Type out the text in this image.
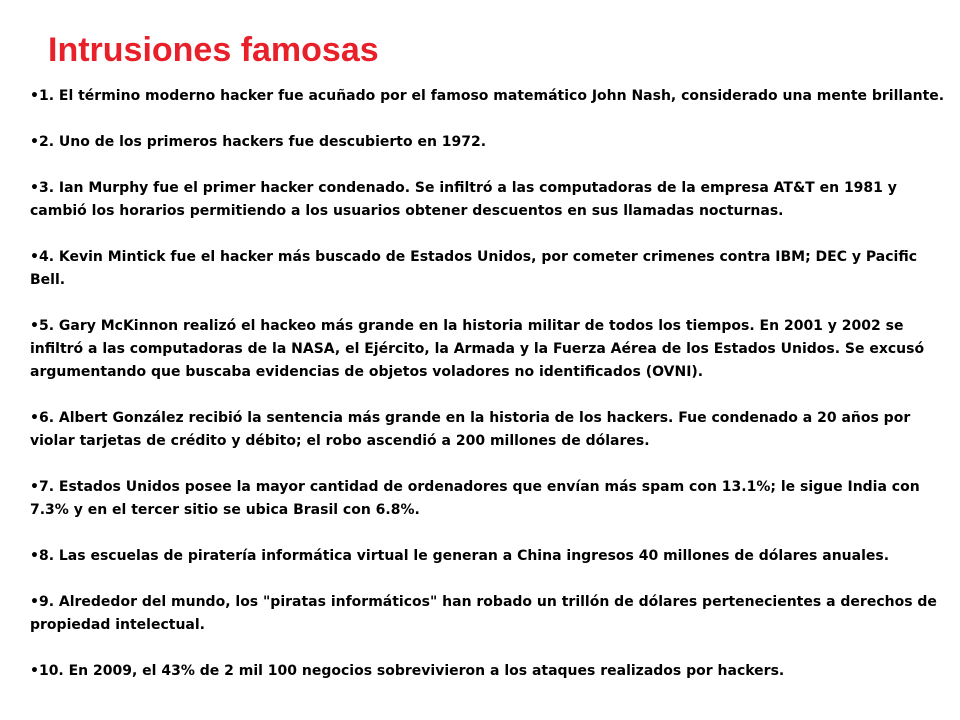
Intrusiones famosas
•1. El término moderno hacker fue acuñado por el famoso matemático John Nash, considerado una mente brillante.
•2. Uno de los primeros hackers fue descubierto en 1972.
•3. Ian Murphy fue el primer hacker condenado. Se infiltró a las computadoras de la empresa AT&T en 1981 y cambió los horarios permitiendo a los usuarios obtener descuentos en sus llamadas nocturnas.
•4. Kevin Mintick fue el hacker más buscado de Estados Unidos, por cometer crimenes contra IBM; DEC y Pacific Bell.
•5. Gary McKinnon realizó el hackeo más grande en la historia militar de todos los tiempos. En 2001 y 2002 se infiltró a las computadoras de la NASA, el Ejército, la Armada y la Fuerza Aérea de los Estados Unidos. Se excusó argumentando que buscaba evidencias de objetos voladores no identificados (OVNI).
•6. Albert González recibió la sentencia más grande en la historia de los hackers. Fue condenado a 20 años por violar tarjetas de crédito y débito; el robo ascendió a 200 millones de dólares.
•7. Estados Unidos posee la mayor cantidad de ordenadores que envían más spam con 13.1%; le sigue India con 7.3% y en el tercer sitio se ubica Brasil con 6.8%.
•8. Las escuelas de piratería informática virtual le generan a China ingresos 40 millones de dólares anuales.
•9. Alrededor del mundo, los "piratas informáticos" han robado un trillón de dólares pertenecientes a derechos de propiedad intelectual.
•10. En 2009, el 43% de 2 mil 100 negocios sobrevivieron a los ataques realizados por hackers.
